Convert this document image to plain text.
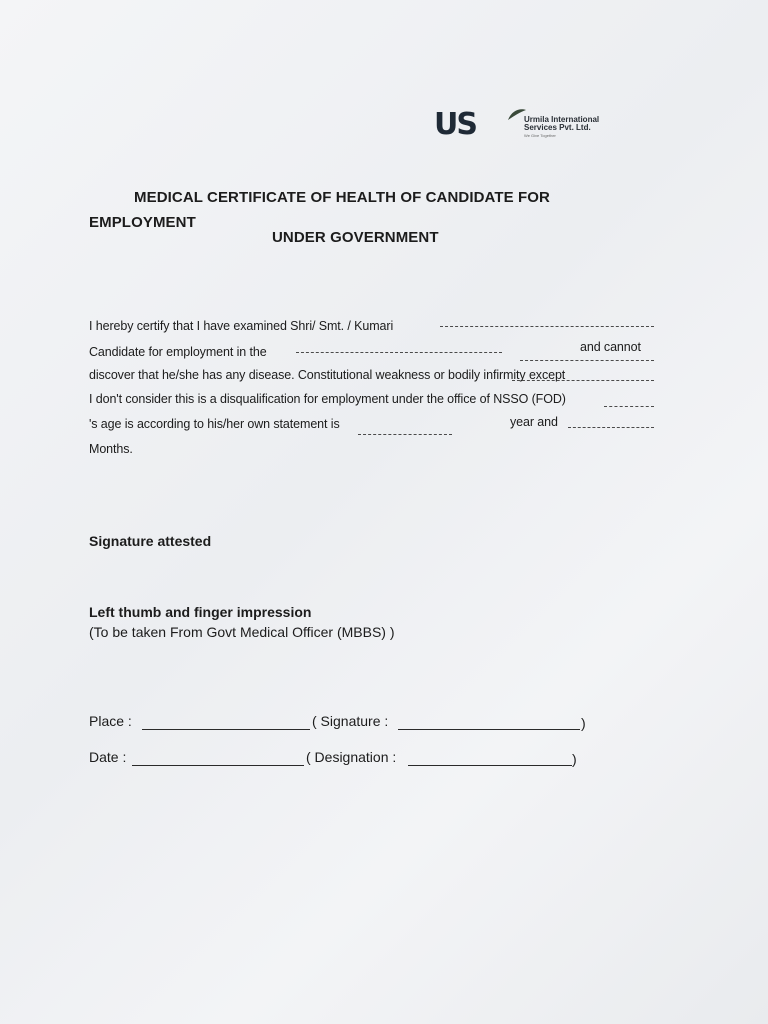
US	Urmila International
Services Pvt. Ltd.
We Give Together
MEDICAL CERTIFICATE OF HEALTH OF CANDIDATE FOR
EMPLOYMENT
UNDER GOVERNMENT
I hereby certify that I have examined Shri/ Smt. / Kumari
Candidate for employment in the	and cannot
discover that he/she has any disease. Constitutional weakness or bodily infirmity except
I don't consider this is a disqualification for employment under the office of NSSO (FOD)
's age is according to his/her own statement is	year and
Months.
Signature attested
Left thumb and finger impression
(To be taken From Govt Medical Officer (MBBS) )
Place :	( Signature :	)
Date :	( Designation :	)
